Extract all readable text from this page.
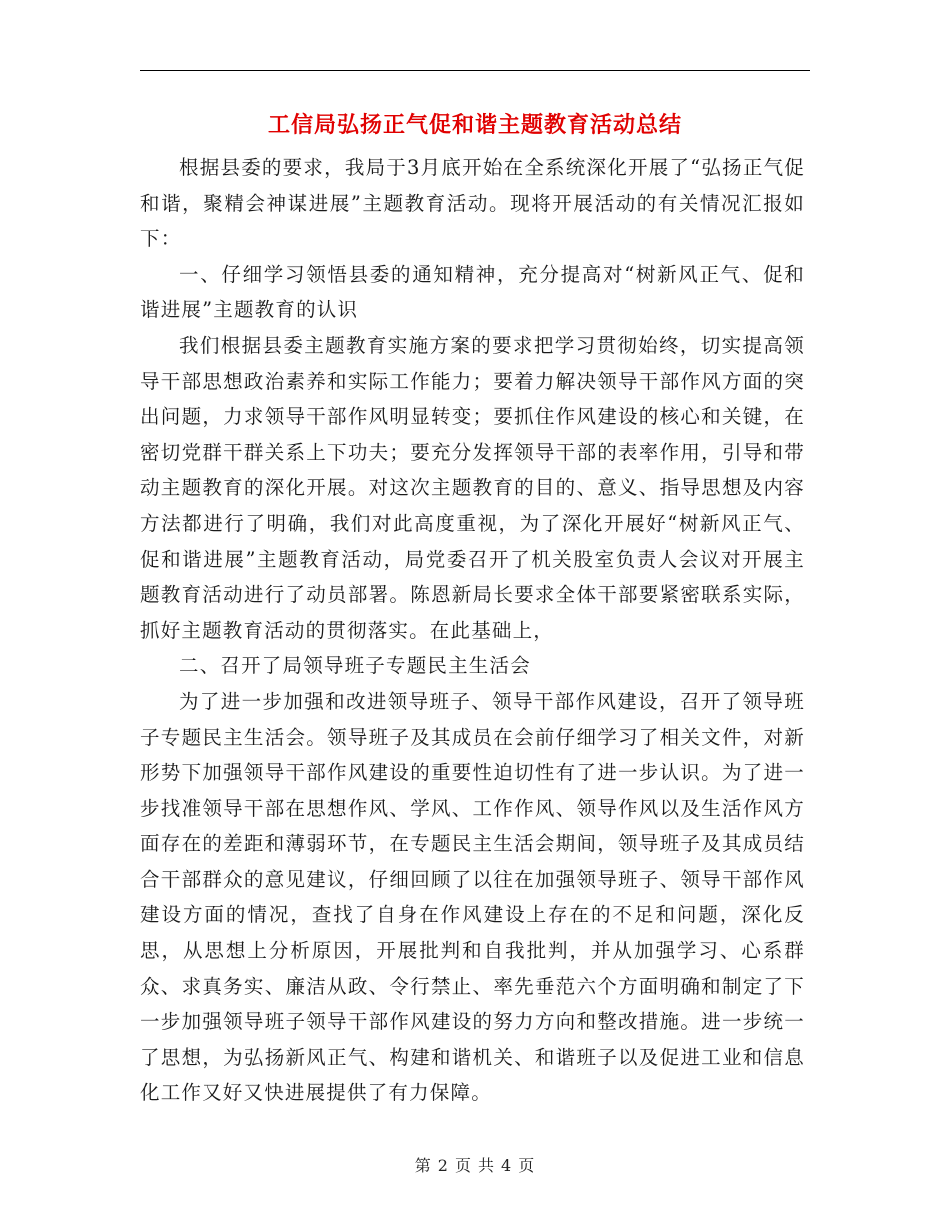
工信局弘扬正气促和谐主题教育活动总结

根据县委的要求，我局于3月底开始在全系统深化开展了“弘扬正气促和谐，聚精会神谋进展”主题教育活动。现将开展活动的有关情况汇报如下：

一、仔细学习领悟县委的通知精神，充分提高对“树新风正气、促和谐进展”主题教育的认识

我们根据县委主题教育实施方案的要求把学习贯彻始终，切实提高领导干部思想政治素养和实际工作能力；要着力解决领导干部作风方面的突出问题，力求领导干部作风明显转变；要抓住作风建设的核心和关键，在密切党群干群关系上下功夫；要充分发挥领导干部的表率作用，引导和带动主题教育的深化开展。对这次主题教育的目的、意义、指导思想及内容方法都进行了明确，我们对此高度重视，为了深化开展好“树新风正气、促和谐进展”主题教育活动，局党委召开了机关股室负责人会议对开展主题教育活动进行了动员部署。陈恩新局长要求全体干部要紧密联系实际，抓好主题教育活动的贯彻落实。在此基础上，

二、召开了局领导班子专题民主生活会

为了进一步加强和改进领导班子、领导干部作风建设，召开了领导班子专题民主生活会。领导班子及其成员在会前仔细学习了相关文件，对新形势下加强领导干部作风建设的重要性迫切性有了进一步认识。为了进一步找准领导干部在思想作风、学风、工作作风、领导作风以及生活作风方面存在的差距和薄弱环节，在专题民主生活会期间，领导班子及其成员结合干部群众的意见建议，仔细回顾了以往在加强领导班子、领导干部作风建设方面的情况，查找了自身在作风建设上存在的不足和问题，深化反思，从思想上分析原因，开展批判和自我批判，并从加强学习、心系群众、求真务实、廉洁从政、令行禁止、率先垂范六个方面明确和制定了下一步加强领导班子领导干部作风建设的努力方向和整改措施。进一步统一了思想，为弘扬新风正气、构建和谐机关、和谐班子以及促进工业和信息化工作又好又快进展提供了有力保障。

第 2 页 共 4 页
